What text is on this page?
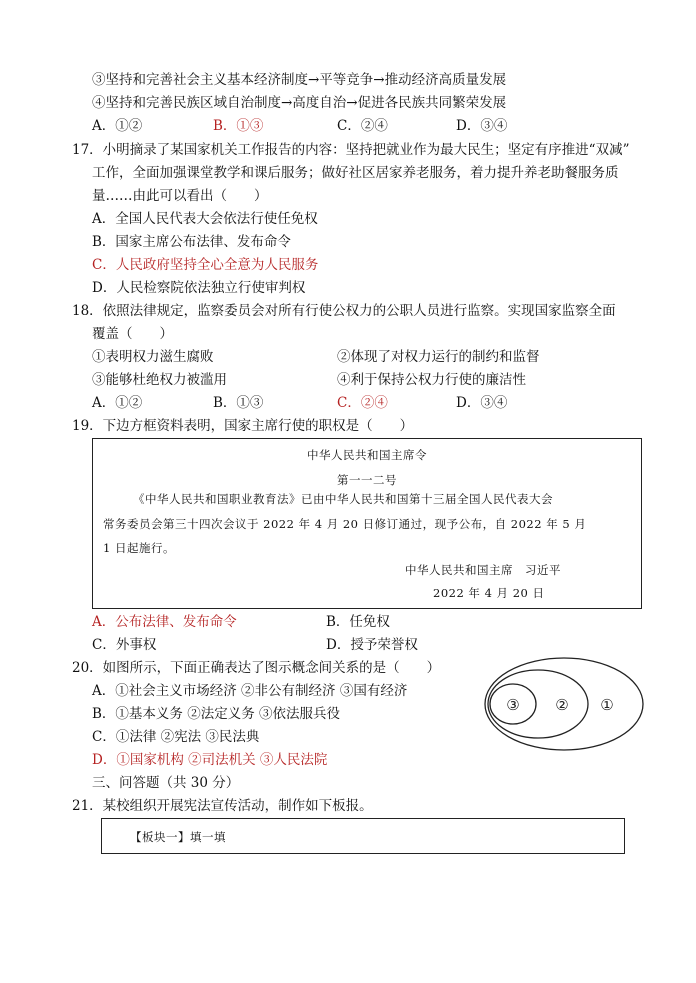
③坚持和完善社会主义基本经济制度→平等竞争→推动经济高质量发展
④坚持和完善民族区域自治制度→高度自治→促进各民族共同繁荣发展
A．①②	B．①③	C．②④	D．③④
17．小明摘录了某国家机关工作报告的内容：坚持把就业作为最大民生；坚定有序推进“双减”
工作，全面加强课堂教学和课后服务；做好社区居家养老服务，着力提升养老助餐服务质
量……由此可以看出（　　）
A．全国人民代表大会依法行使任免权
B．国家主席公布法律、发布命令
C．人民政府坚持全心全意为人民服务
D．人民检察院依法独立行使审判权
18．依照法律规定，监察委员会对所有行使公权力的公职人员进行监察。实现国家监察全面
覆盖（　　）
①表明权力滋生腐败	②体现了对权力运行的制约和监督
③能够杜绝权力被滥用	④利于保持公权力行使的廉洁性
A．①②	B．①③	C．②④	D．③④
19．下边方框资料表明，国家主席行使的职权是（　　）
中华人民共和国主席令
第一一二号
《中华人民共和国职业教育法》已由中华人民共和国第十三届全国人民代表大会
常务委员会第三十四次会议于 2022 年 4 月 20 日修订通过，现予公布，自 2022 年 5 月
1 日起施行。
中华人民共和国主席　习近平
2022 年 4 月 20 日
A．公布法律、发布命令	B．任免权
C．外事权	D．授予荣誉权
20．如图所示，下面正确表达了图示概念间关系的是（　　）
A．①社会主义市场经济 ②非公有制经济 ③国有经济
B．①基本义务 ②法定义务 ③依法服兵役
C．①法律 ②宪法 ③民法典
D．①国家机构 ②司法机关 ③人民法院
③ ② ①
三、问答题（共 30 分）
21．某校组织开展宪法宣传活动，制作如下板报。
【板块一】填一填
